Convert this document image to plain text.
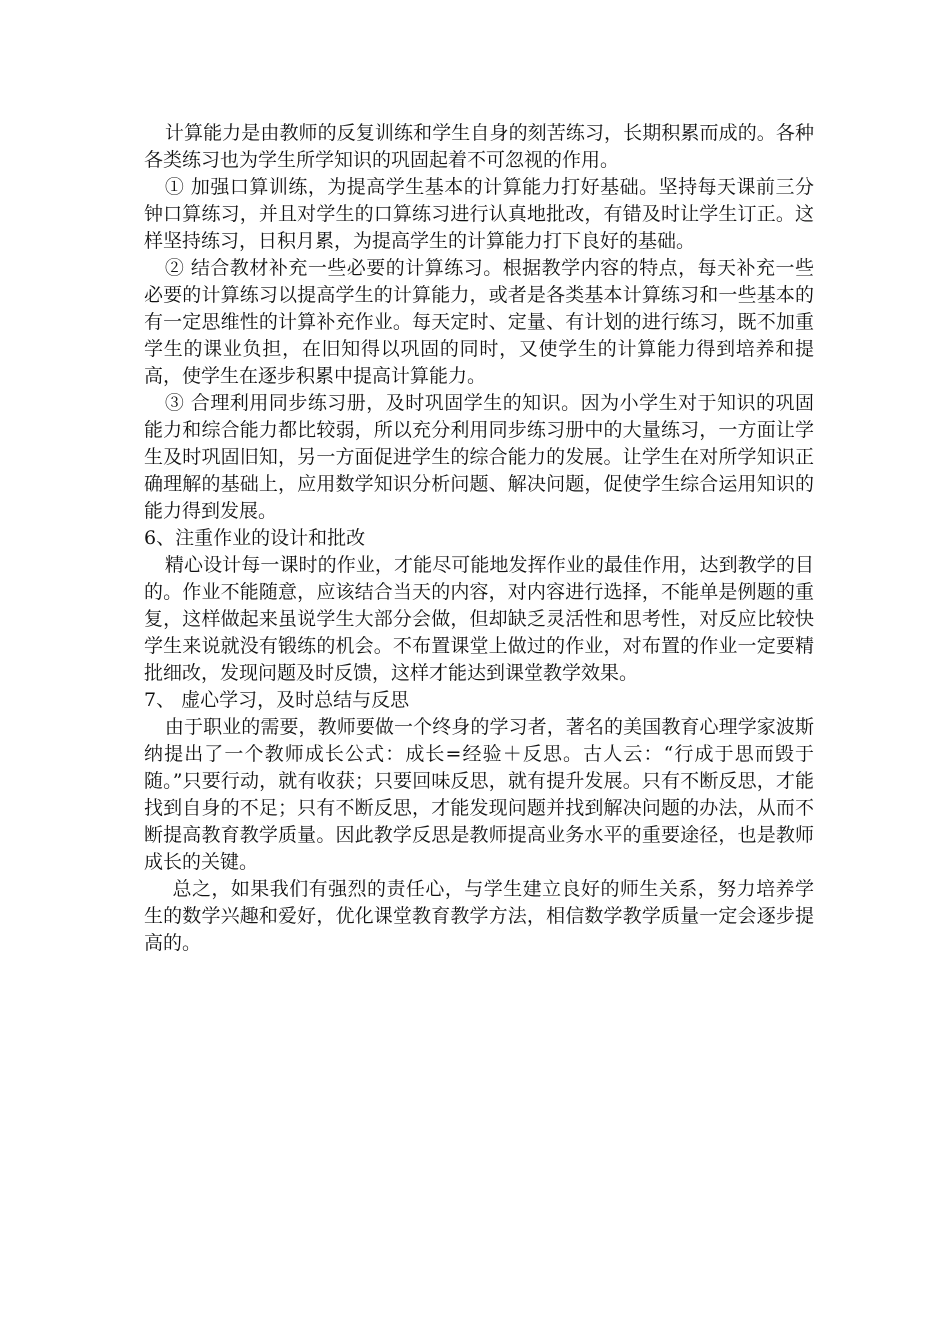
计算能力是由教师的反复训练和学生自身的刻苦练习，长期积累而成的。各种各类练习也为学生所学知识的巩固起着不可忽视的作用。

① 加强口算训练，为提高学生基本的计算能力打好基础。坚持每天课前三分钟口算练习，并且对学生的口算练习进行认真地批改，有错及时让学生订正。这样坚持练习，日积月累，为提高学生的计算能力打下良好的基础。

② 结合教材补充一些必要的计算练习。根据教学内容的特点，每天补充一些必要的计算练习以提高学生的计算能力，或者是各类基本计算练习和一些基本的有一定思维性的计算补充作业。每天定时、定量、有计划的进行练习，既不加重学生的课业负担，在旧知得以巩固的同时，又使学生的计算能力得到培养和提高，使学生在逐步积累中提高计算能力。

③ 合理利用同步练习册，及时巩固学生的知识。因为小学生对于知识的巩固能力和综合能力都比较弱，所以充分利用同步练习册中的大量练习，一方面让学生及时巩固旧知，另一方面促进学生的综合能力的发展。让学生在对所学知识正确理解的基础上，应用数学知识分析问题、解决问题，促使学生综合运用知识的能力得到发展。

6、注重作业的设计和批改

精心设计每一课时的作业，才能尽可能地发挥作业的最佳作用，达到教学的目的。作业不能随意，应该结合当天的内容，对内容进行选择，不能单是例题的重复，这样做起来虽说学生大部分会做，但却缺乏灵活性和思考性，对反应比较快学生来说就没有锻练的机会。不布置课堂上做过的作业，对布置的作业一定要精批细改，发现问题及时反馈，这样才能达到课堂教学效果。

7、 虚心学习，及时总结与反思

由于职业的需要，教师要做一个终身的学习者，著名的美国教育心理学家波斯纳提出了一个教师成长公式：成长=经验＋反思。古人云：“行成于思而毁于随。”只要行动，就有收获；只要回味反思，就有提升发展。只有不断反思，才能找到自身的不足；只有不断反思，才能发现问题并找到解决问题的办法，从而不断提高教育教学质量。因此教学反思是教师提高业务水平的重要途径，也是教师成长的关键。

总之，如果我们有强烈的责任心，与学生建立良好的师生关系，努力培养学生的数学兴趣和爱好，优化课堂教育教学方法，相信数学教学质量一定会逐步提高的。
